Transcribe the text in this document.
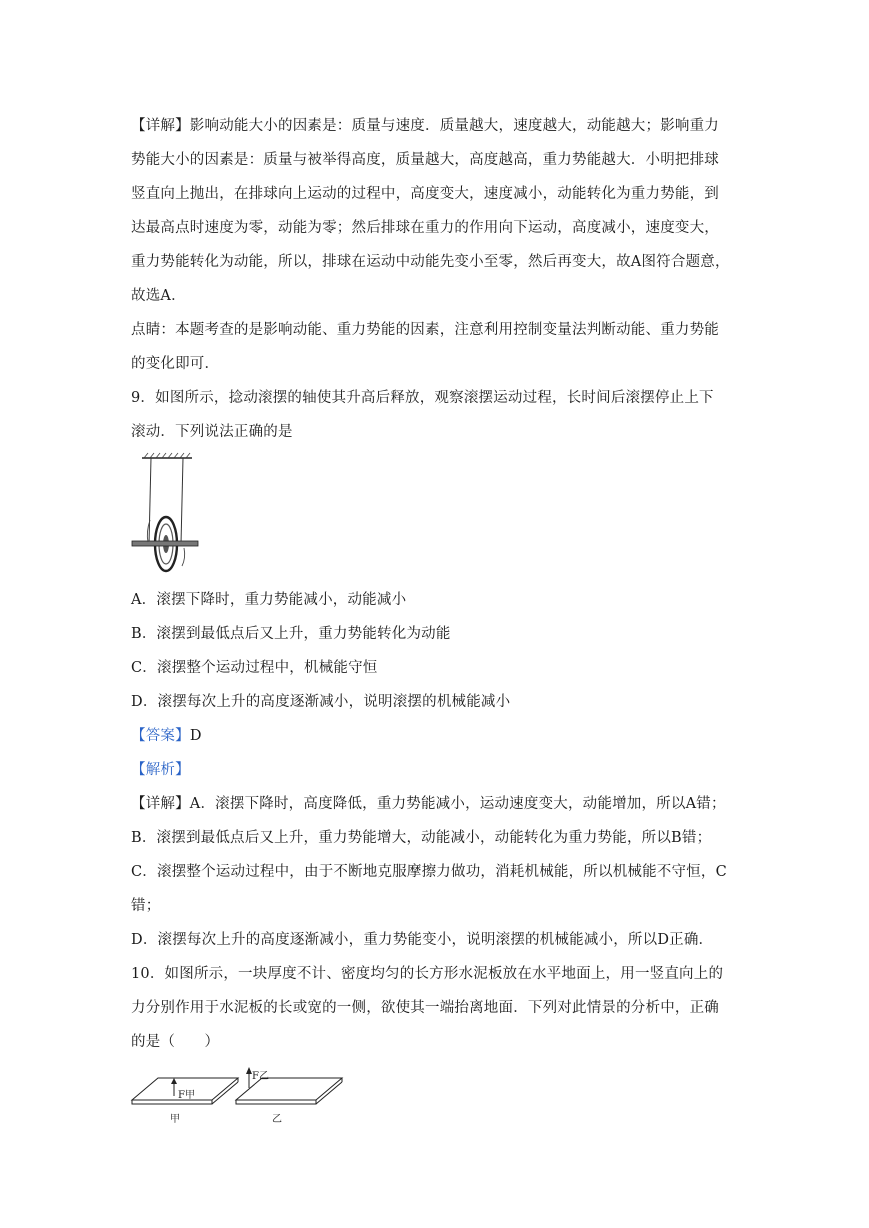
【详解】影响动能大小的因素是：质量与速度．质量越大，速度越大，动能越大；影响重力
势能大小的因素是：质量与被举得高度，质量越大，高度越高，重力势能越大．小明把排球
竖直向上抛出，在排球向上运动的过程中，高度变大，速度减小，动能转化为重力势能，到
达最高点时速度为零，动能为零；然后排球在重力的作用向下运动，高度减小，速度变大，
重力势能转化为动能，所以，排球在运动中动能先变小至零，然后再变大，故A图符合题意，
故选A．
点睛：本题考查的是影响动能、重力势能的因素，注意利用控制变量法判断动能、重力势能
的变化即可．
9．如图所示，捻动滚摆的轴使其升高后释放，观察滚摆运动过程，长时间后滚摆停止上下
滚动．下列说法正确的是
A．滚摆下降时，重力势能减小，动能减小
B．滚摆到最低点后又上升，重力势能转化为动能
C．滚摆整个运动过程中，机械能守恒
D．滚摆每次上升的高度逐渐减小，说明滚摆的机械能减小
【答案】D
【解析】
【详解】A．滚摆下降时，高度降低，重力势能减小，运动速度变大，动能增加，所以A错；
B．滚摆到最低点后又上升，重力势能增大，动能减小，动能转化为重力势能，所以B错；
C．滚摆整个运动过程中，由于不断地克服摩擦力做功，消耗机械能，所以机械能不守恒，C
错；
D．滚摆每次上升的高度逐渐减小，重力势能变小，说明滚摆的机械能减小，所以D正确．
10．如图所示，一块厚度不计、密度均匀的长方形水泥板放在水平地面上，用一竖直向上的
力分别作用于水泥板的长或宽的一侧，欲使其一端抬离地面．下列对此情景的分析中，正确
的是（　　）
F甲
F乙
甲	乙
